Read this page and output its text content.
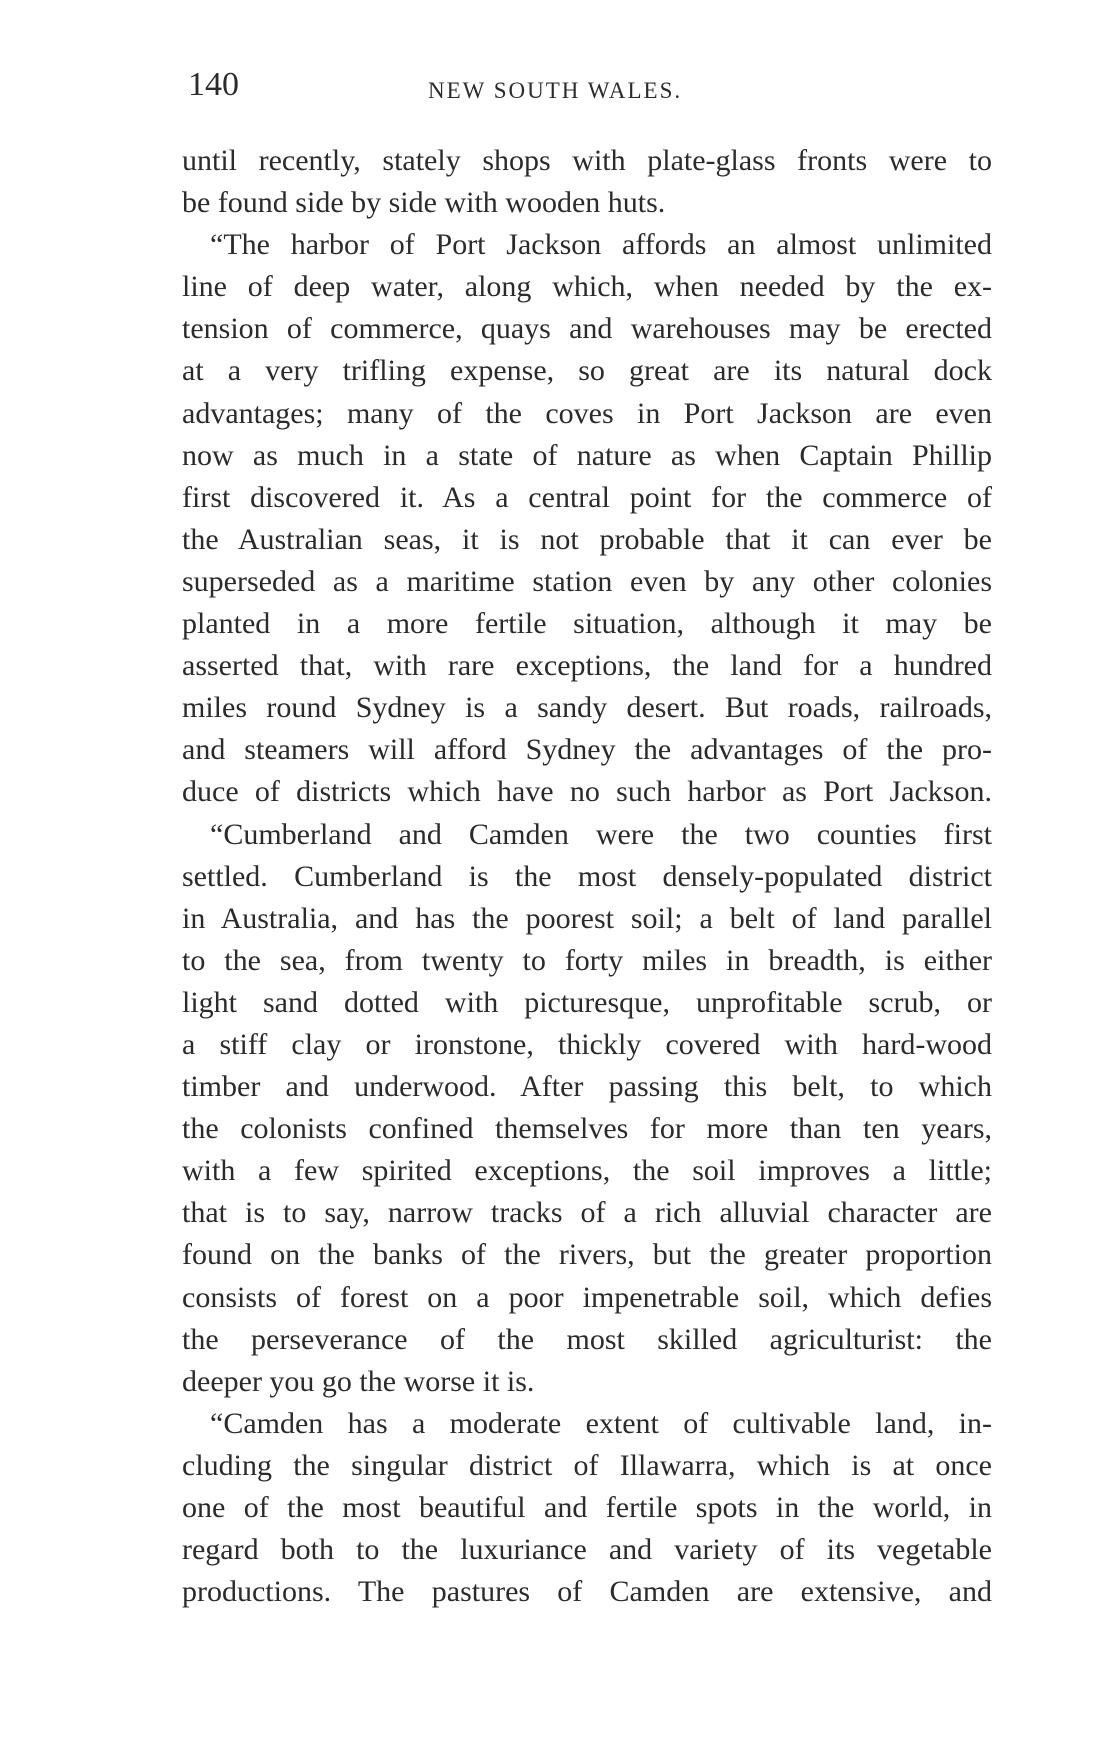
140	NEW SOUTH WALES.
until recently, stately shops with plate-glass fronts were to
be found side by side with wooden huts.
“The harbor of Port Jackson affords an almost unlimited
line of deep water, along which, when needed by the ex-
tension of commerce, quays and warehouses may be erected
at a very trifling expense, so great are its natural dock
advantages; many of the coves in Port Jackson are even
now as much in a state of nature as when Captain Phillip
first discovered it. As a central point for the commerce of
the Australian seas, it is not probable that it can ever be
superseded as a maritime station even by any other colonies
planted in a more fertile situation, although it may be
asserted that, with rare exceptions, the land for a hundred
miles round Sydney is a sandy desert. But roads, railroads,
and steamers will afford Sydney the advantages of the pro-
duce of districts which have no such harbor as Port Jackson.
“Cumberland and Camden were the two counties first
settled. Cumberland is the most densely-populated district
in Australia, and has the poorest soil; a belt of land parallel
to the sea, from twenty to forty miles in breadth, is either
light sand dotted with picturesque, unprofitable scrub, or
a stiff clay or ironstone, thickly covered with hard-wood
timber and underwood. After passing this belt, to which
the colonists confined themselves for more than ten years,
with a few spirited exceptions, the soil improves a little;
that is to say, narrow tracks of a rich alluvial character are
found on the banks of the rivers, but the greater proportion
consists of forest on a poor impenetrable soil, which defies
the perseverance of the most skilled agriculturist: the
deeper you go the worse it is.
“Camden has a moderate extent of cultivable land, in-
cluding the singular district of Illawarra, which is at once
one of the most beautiful and fertile spots in the world, in
regard both to the luxuriance and variety of its vegetable
productions. The pastures of Camden are extensive, and
